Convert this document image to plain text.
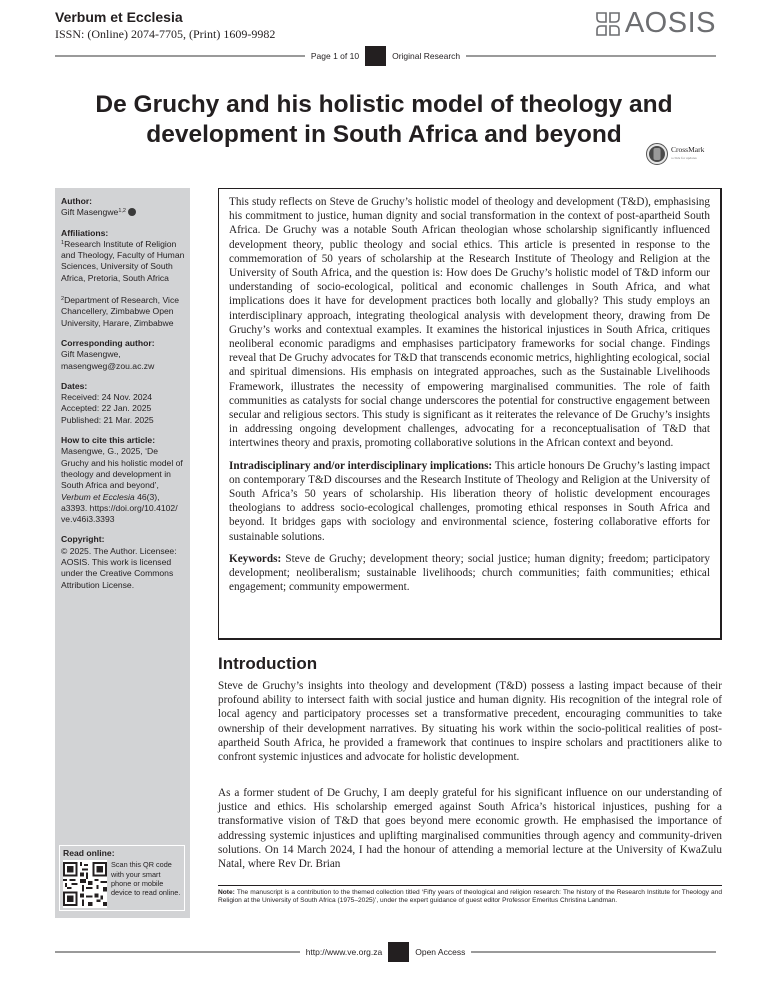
Verbum et Ecclesia
ISSN: (Online) 2074-7705, (Print) 1609-9982	AOSIS
Page 1 of 10	Original Research
De Gruchy and his holistic model of theology and development in South Africa and beyond
CrossMark
a click for updates
Author:
Gift Masengwe$^{1,2}$
Affiliations:
$^1$Research Institute of Religion and Theology, Faculty of Human Sciences, University of South Africa, Pretoria, South Africa
$^2$Department of Research, Vice Chancellery, Zimbabwe Open University, Harare, Zimbabwe
Corresponding author:
Gift Masengwe,
masengweg@zou.ac.zw
Dates:
Received: 24 Nov. 2024
Accepted: 22 Jan. 2025
Published: 21 Mar. 2025
How to cite this article:
Masengwe, G., 2025, ‘De Gruchy and his holistic model of theology and development in South Africa and beyond’, Verbum et Ecclesia 46(3), a3393. https://doi.org/10.4102/ ve.v46i3.3393
Copyright:
© 2025. The Author. Licensee: AOSIS. This work is licensed under the Creative Commons Attribution License.
Read online:
Scan this QR code with your smart phone or mobile device to read online.

This study reflects on Steve de Gruchy’s holistic model of theology and development (T&D), emphasising his commitment to justice, human dignity and social transformation in the context of post-apartheid South Africa. De Gruchy was a notable South African theologian whose scholarship significantly influenced development theory, public theology and social ethics. This article is presented in response to the commemoration of 50 years of scholarship at the Research Institute of Theology and Religion at the University of South Africa, and the question is: How does De Gruchy’s holistic model of T&D inform our understanding of socio-ecological, political and economic challenges in South Africa, and what implications does it have for development practices both locally and globally? This study employs an interdisciplinary approach, integrating theological analysis with development theory, drawing from De Gruchy’s works and contextual examples. It examines the historical injustices in South Africa, critiques neoliberal economic paradigms and emphasises participatory frameworks for social change. Findings reveal that De Gruchy advocates for T&D that transcends economic metrics, highlighting ecological, social and spiritual dimensions. His emphasis on integrated approaches, such as the Sustainable Livelihoods Framework, illustrates the necessity of empowering marginalised communities. The role of faith communities as catalysts for social change underscores the potential for constructive engagement between secular and religious sectors. This study is significant as it reiterates the relevance of De Gruchy’s insights in addressing ongoing development challenges, advocating for a reconceptualisation of T&D that intertwines theory and praxis, promoting collaborative solutions in the African context and beyond.

Intradisciplinary and/or interdisciplinary implications: This article honours De Gruchy’s lasting impact on contemporary T&D discourses and the Research Institute of Theology and Religion at the University of South Africa’s 50 years of scholarship. His liberation theory of holistic development encourages theologians to address socio-ecological challenges, promoting ethical responses in South Africa and beyond. It bridges gaps with sociology and environmental science, fostering collaborative efforts for sustainable solutions.

Keywords: Steve de Gruchy; development theory; social justice; human dignity; freedom; participatory development; neoliberalism; sustainable livelihoods; church communities; faith communities; ethical engagement; community empowerment.

Introduction

Steve de Gruchy’s insights into theology and development (T&D) possess a lasting impact because of their profound ability to intersect faith with social justice and human dignity. His recognition of the integral role of local agency and participatory processes set a transformative precedent, encouraging communities to take ownership of their development narratives. By situating his work within the socio-political realities of post-apartheid South Africa, he provided a framework that continues to inspire scholars and practitioners alike to confront systemic injustices and advocate for holistic development.

As a former student of De Gruchy, I am deeply grateful for his significant influence on our understanding of justice and ethics. His scholarship emerged against South Africa’s historical injustices, pushing for a transformative vision of T&D that goes beyond mere economic growth. He emphasised the importance of addressing systemic injustices and uplifting marginalised communities through agency and community-driven solutions. On 14 March 2024, I had the honour of attending a memorial lecture at the University of KwaZulu Natal, where Rev Dr. Brian

Note: The manuscript is a contribution to the themed collection titled ‘Fifty years of theological and religion research: The history of the Research Institute for Theology and Religion at the University of South Africa (1975–2025)’, under the expert guidance of guest editor Professor Emeritus Christina Landman.
http://www.ve.org.za	Open Access
